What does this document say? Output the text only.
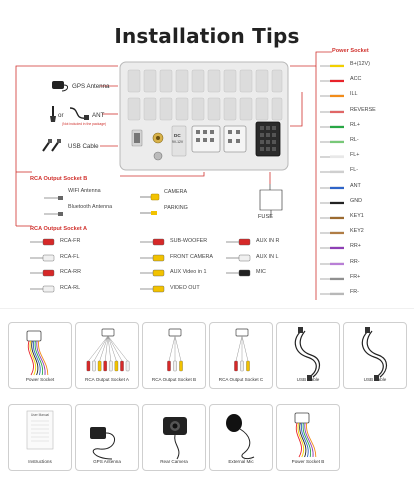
Installation Tips
DC
9V-12V
GPS Antenna
or	ANT
(Not included in the package)
USB Cable
Power Socket
B+(12V)
ACC
ILL
REVERSE
RL+
RL-
FL+
FL-
ANT
GND
KEY1
KEY2
RR+
RR-
FR+
FR-
RCA Output Socket B
WIFI Antenna
Bluetooth Antenna
CAMERA
PARKING
FUSE
RCA Output Socket A
RCA-FR
RCA-FL
RCA-RR
RCA-RL
SUB-WOOFER
FRONT CAMERA
AUX Video in 1
VIDEO OUT
AUX IN R
AUX IN L
MIC
Power Socket	RCA Output Socket A	RCA Output Socket B	RCA Output Socket C	USB Cable	USB Cable
User Manual
Instructions	GPS Antenna	Rear Camera	External Mic	Power Socket B
